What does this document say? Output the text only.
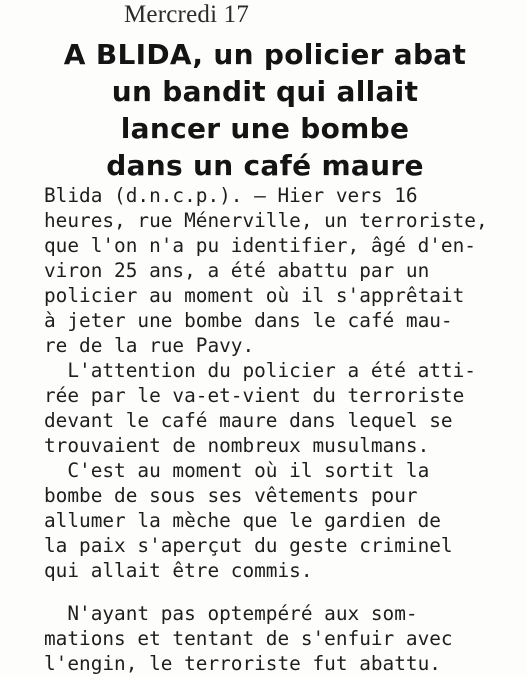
Mercredi 17
A BLIDA, un policier abat
un bandit qui allait
lancer une bombe
dans un café maure
Blida (d.n.c.p.). — Hier vers 16
heures, rue Ménerville, un terroriste,
que l'on n'a pu identifier, âgé d'en-
viron 25 ans, a été abattu par un
policier au moment où il s'apprêtait
à jeter une bombe dans le café mau-
re de la rue Pavy.
L'attention du policier a été atti-
rée par le va-et-vient du terroriste
devant le café maure dans lequel se
trouvaient de nombreux musulmans.
C'est au moment où il sortit la
bombe de sous ses vêtements pour
allumer la mèche que le gardien de
la paix s'aperçut du geste criminel
qui allait être commis.
N'ayant pas optempéré aux som-
mations et tentant de s'enfuir avec
l'engin, le terroriste fut abattu.
